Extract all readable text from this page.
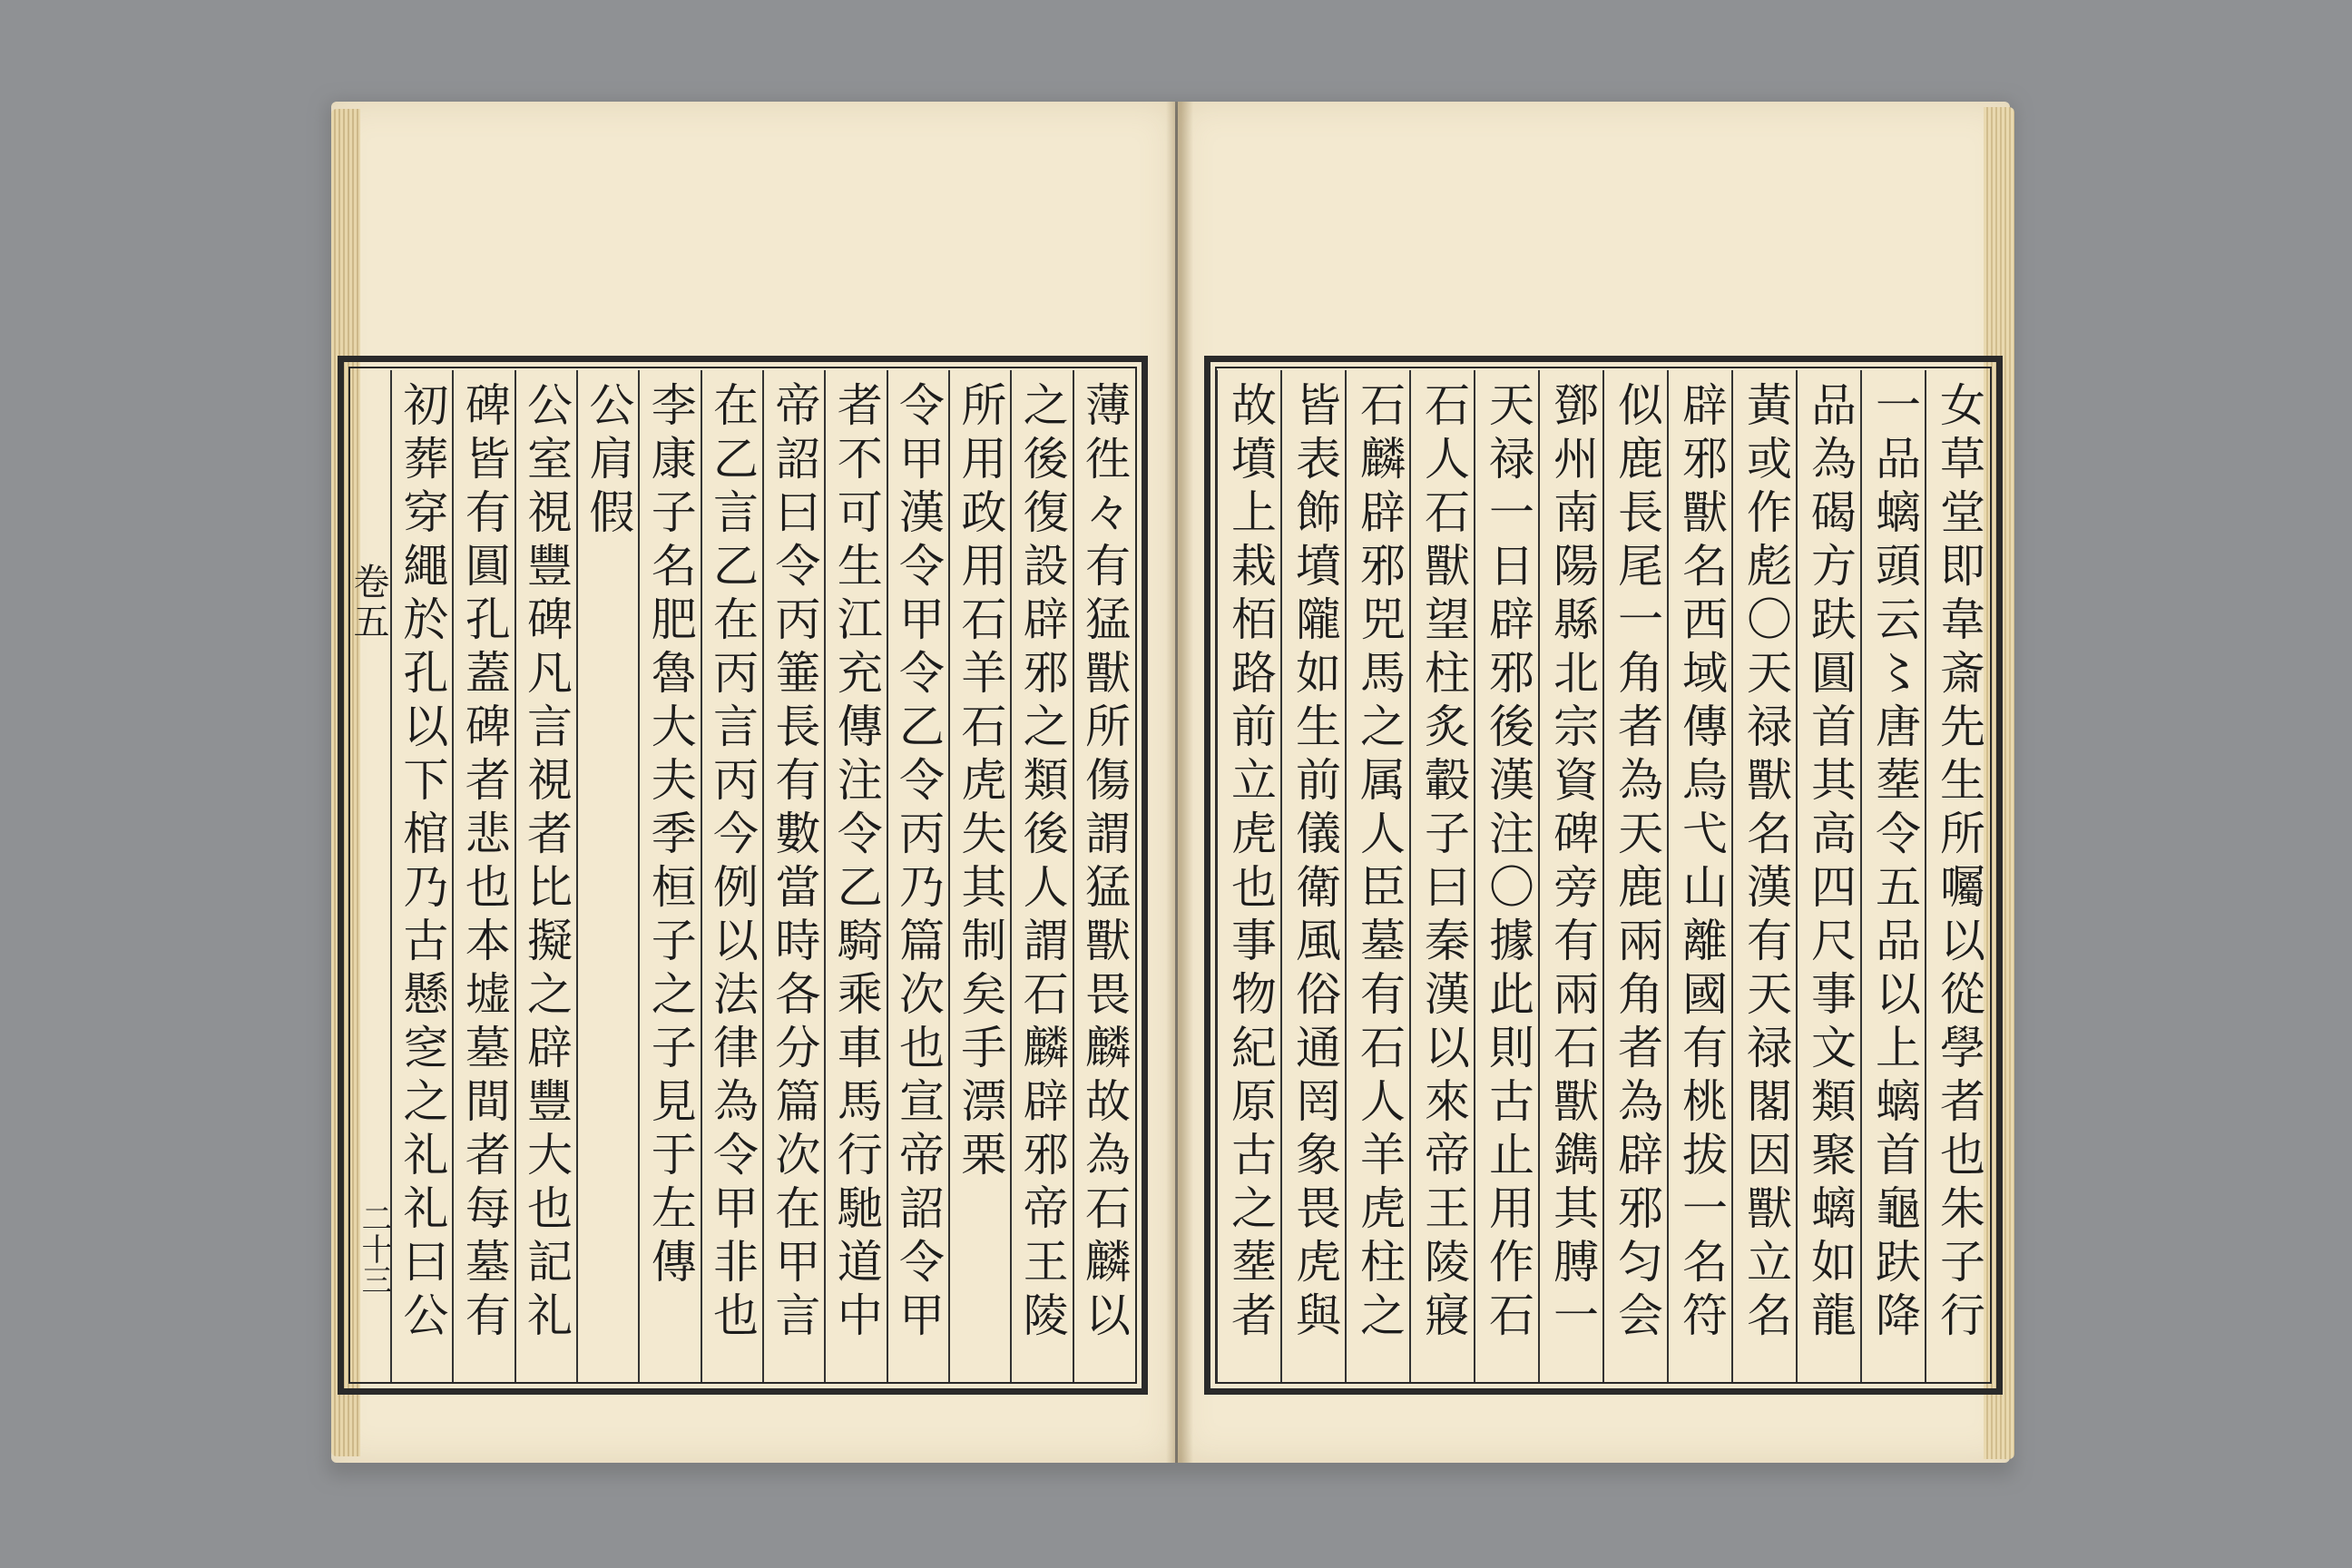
卷五
二十三
薄徃々有猛獸所傷謂猛獸畏麟故為石麟以
之後復設辟邪之類後人謂石麟辟邪帝王陵
所用政用石羊石虎失其制矣手漂栗
令甲漢令甲令乙令丙乃篇次也宣帝詔令甲
者不可生江充傳注令乙騎乘車馬行馳道中
帝詔曰令丙箠長有數當時各分篇次在甲言
在乙言乙在丙言丙今例以法律為令甲非也
李康子名肥魯大夫季桓子之子見于左傳
公肩假
公室視豐碑凡言視者比擬之辟豐大也記礼
碑皆有圓孔蓋碑者悲也本墟墓間者每墓有
初葬穿繩於孔以下棺乃古懸窆之礼礼曰公
女草堂即韋斎先生所囑以從學者也朱子行
一品螭頭云〻唐塟令五品以上螭首龜趺降
品為碣方趺圓首其高四尺事文類聚螭如龍
黃或作彪〇天禄獸名漢有天禄閣因獸立名
辟邪獸名西域傳烏弋山離國有桃拔一名符
似鹿長尾一角者為天鹿兩角者為辟邪匀会
鄧州南陽縣北宗資碑旁有兩石獸鐫其膊一
天禄一日辟邪後漢注〇據此則古止用作石
石人石獸望柱炙轂子曰秦漢以來帝王陵寢
石麟辟邪兕馬之属人臣墓有石人羊虎柱之
皆表飾墳隴如生前儀衛風俗通罔象畏虎與
故墳上栽栢路前立虎也事物紀原古之塟者
